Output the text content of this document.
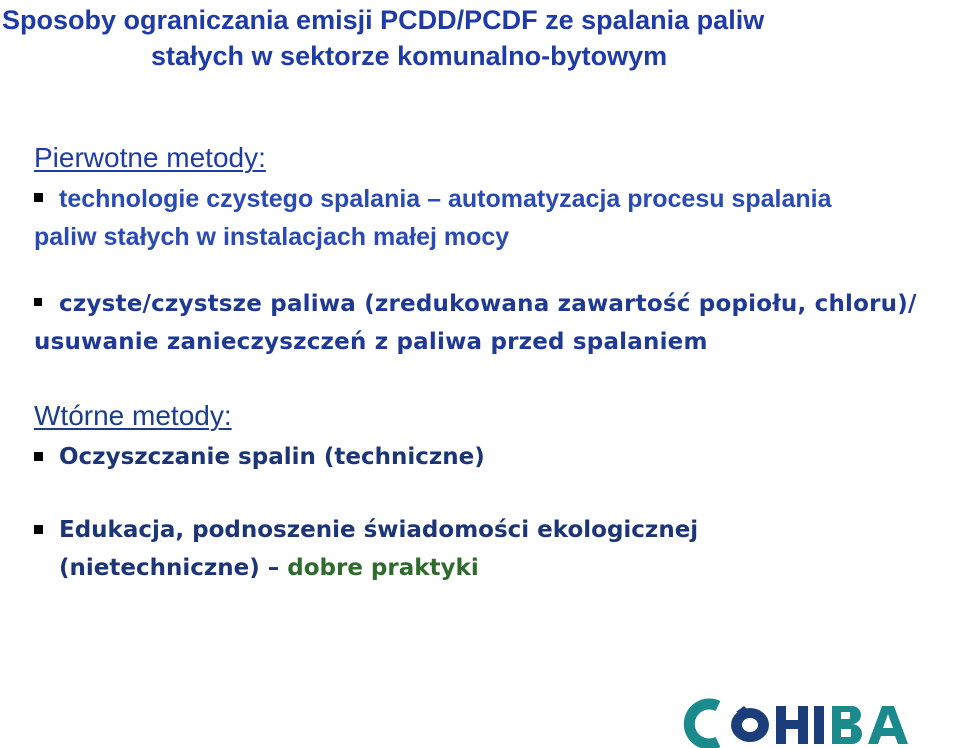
Sposoby ograniczania emisji PCDD/PCDF ze spalania paliw
stałych w sektorze komunalno-bytowym
Pierwotne metody:
technologie czystego spalania – automatyzacja procesu spalania
paliw stałych w instalacjach małej mocy
czyste/czystsze paliwa (zredukowana zawartość popiołu, chloru)/
usuwanie zanieczyszczeń z paliwa przed spalaniem
Wtórne metody:
Oczyszczanie spalin (techniczne)
Edukacja, podnoszenie świadomości ekologicznej
(nietechniczne) – dobre praktyki
